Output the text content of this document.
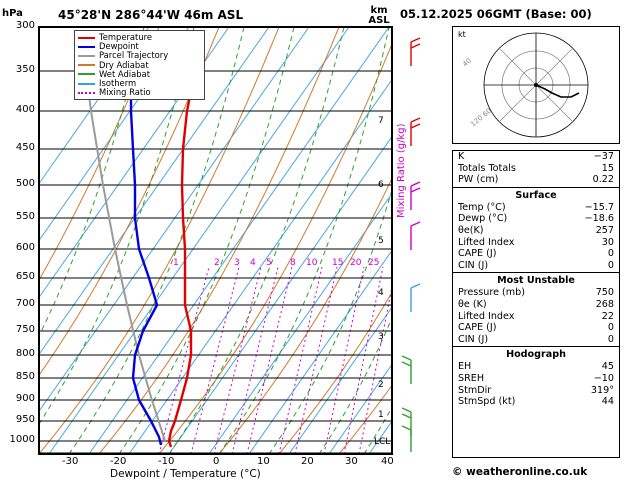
hPa	45°28'N 286°44'W 46m ASL	km
ASL 05.12.2025 06GMT (Base: 00)
© weatheronline.co.uk
Dewpoint / Temperature (°C)
Mixing Ratio (g/kg)
1	2 3 4 5 8 10 15 20 25
Temperature
Dewpoint
Parcel Trajectory
Dry Adiabat
Wet Adiabat
Isotherm
Mixing Ratio
300
350
400
450
500
550
600
650
700
750
800
850
900
950
1000
7
6
5
4
3
2
1
LCL
-30	-20	-10	0	10	20	30 40
120 60
40
kt
K	−37
Totals Totals	15
PW (cm)	0.22
Surface
Temp (°C)	−15.7
Dewp (°C)	−18.6
θe(K)	257
Lifted Index	30
CAPE (J)	0
CIN (J)	0
Most Unstable
Pressure (mb)	750
θe (K)	268
Lifted Index	22
CAPE (J)	0
CIN (J)	0
Hodograph
EH	45
SREH	−10
StmDir	319°
StmSpd (kt)	44
